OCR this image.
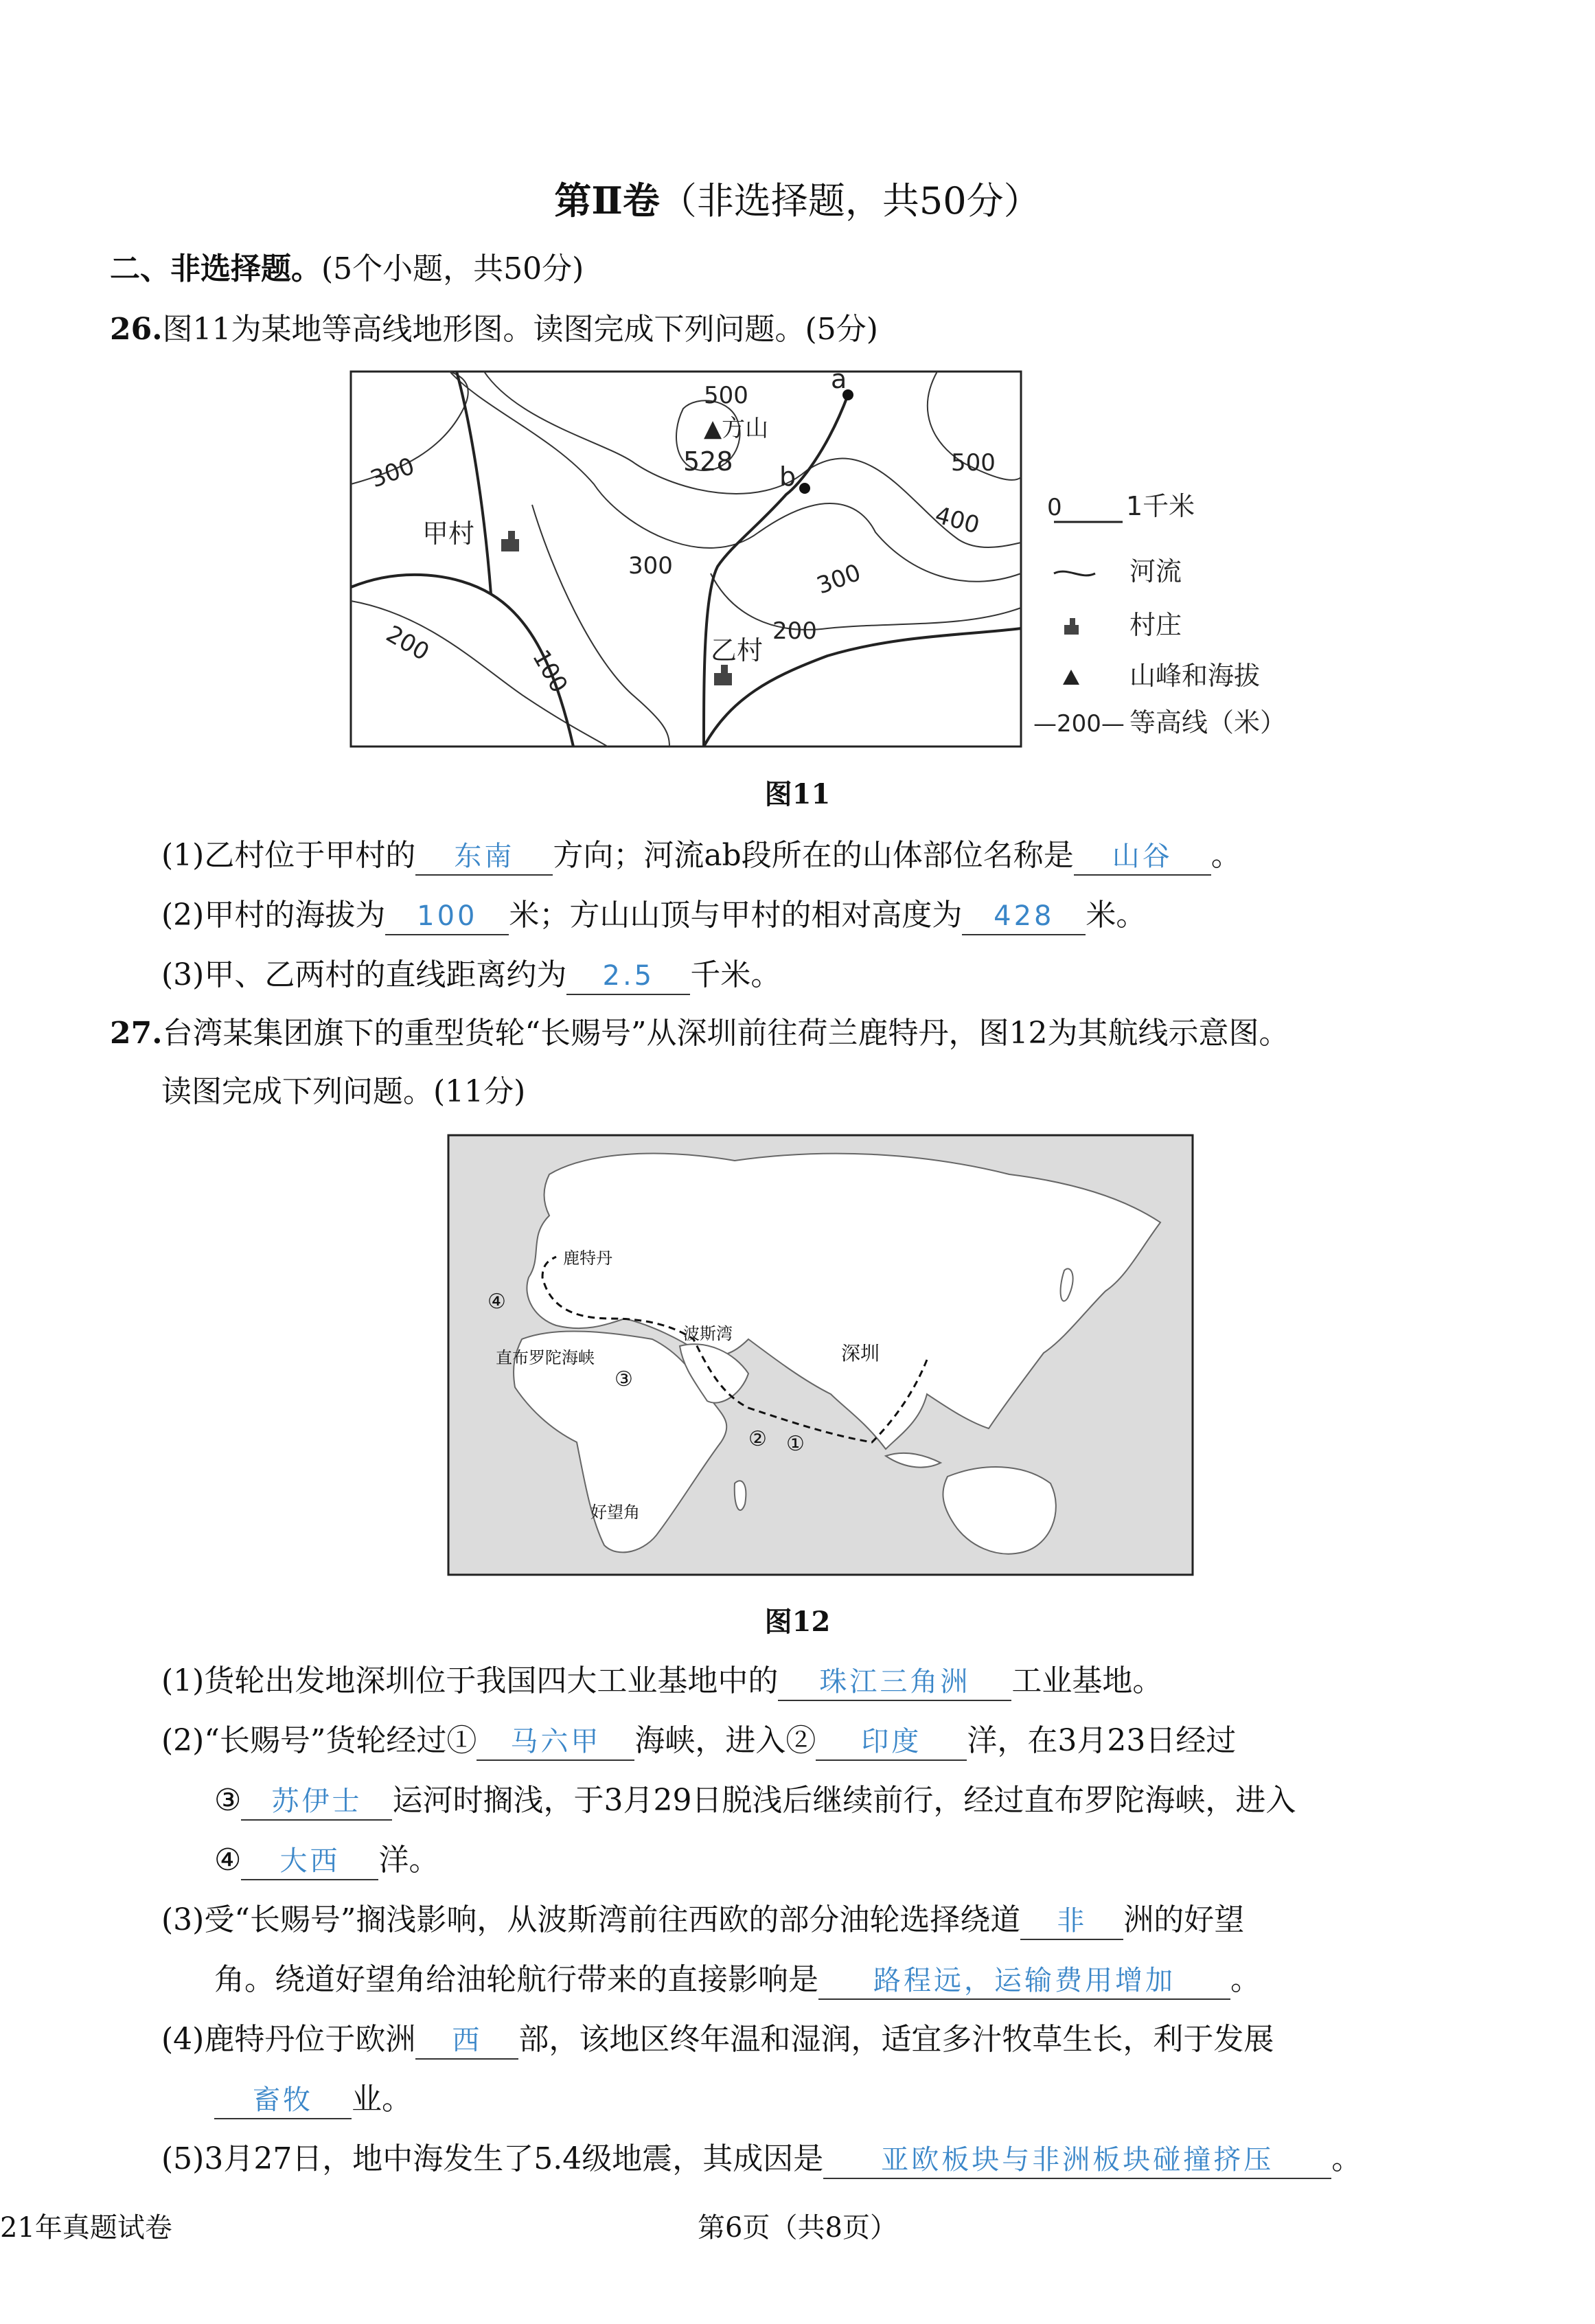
第Ⅱ卷（非选择题，共50分）
二、非选择题。(5个小题，共50分)
26.图11为某地等高线地形图。读图完成下列问题。(5分)
500
▲方山
528
a
b
300
甲村
300
500
400
300
200
乙村
100
200
0 1千米
河流
村庄
山峰和海拔
—200— 等高线（米）
图11
(1)乙村位于甲村的 东南 方向；河流ab段所在的山体部位名称是 山谷 。
(2)甲村的海拔为 100 米；方山山顶与甲村的相对高度为 428 米。
(3)甲、乙两村的直线距离约为 2.5 千米。
27.台湾某集团旗下的重型货轮“长赐号”从深圳前往荷兰鹿特丹，图12为其航线示意图。
读图完成下列问题。(11分)
鹿特丹
④
直布罗陀海峡
波斯湾
③
深圳
② ①
好望角
图12
(1)货轮出发地深圳位于我国四大工业基地中的 珠江三角洲 工业基地。
(2)“长赐号”货轮经过① 马六甲 海峡，进入② 印度 洋，在3月23日经过
③ 苏伊士 运河时搁浅，于3月29日脱浅后继续前行，经过直布罗陀海峡，进入
④ 大西 洋。
(3)受“长赐号”搁浅影响，从波斯湾前往西欧的部分油轮选择绕道 非 洲的好望
角。绕道好望角给油轮航行带来的直接影响是 路程远，运输费用增加 。
(4)鹿特丹位于欧洲 西 部，该地区终年温和湿润，适宜多汁牧草生长，利于发展
畜牧 业。
(5)3月27日，地中海发生了5.4级地震，其成因是 亚欧板块与非洲板块碰撞挤压 。
21年真题试卷	第6页（共8页）
